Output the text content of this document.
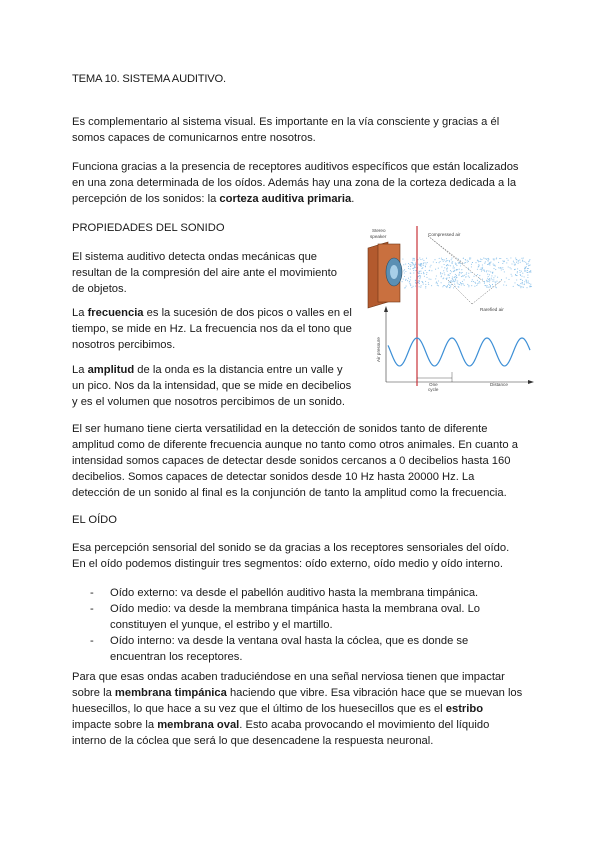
TEMA 10. SISTEMA AUDITIVO.
Es complementario al sistema visual. Es importante en la vía consciente y gracias a él somos capaces de comunicarnos entre nosotros.
Funciona gracias a la presencia de receptores auditivos específicos que están localizados en una zona determinada de los oídos. Además hay una zona de la corteza dedicada a la percepción de los sonidos: la corteza auditiva primaria.
PROPIEDADES DEL SONIDO
El sistema auditivo detecta ondas mecánicas que resultan de la compresión del aire ante el movimiento de objetos.
La frecuencia es la sucesión de dos picos o valles en el tiempo, se mide en Hz. La frecuencia nos da el tono que nosotros percibimos.
La amplitud de la onda es la distancia entre un valle y un pico. Nos da la intensidad, que se mide en decibelios y es el volumen que nosotros percibimos de un sonido.
Stereo
speaker	Compressed air
Rarefied air
Air pressure
One
cycle
Distance
El ser humano tiene cierta versatilidad en la detección de sonidos tanto de diferente amplitud como de diferente frecuencia aunque no tanto como otros animales. En cuanto a intensidad somos capaces de detectar desde sonidos cercanos a 0 decibelios hasta 160 decibelios. Somos capaces de detectar sonidos desde 10 Hz hasta 20000 Hz. La detección de un sonido al final es la conjunción de tanto la amplitud como la frecuencia.
EL OÍDO
Esa percepción sensorial del sonido se da gracias a los receptores sensoriales del oído. En el oído podemos distinguir tres segmentos: oído externo, oído medio y oído interno.
- Oído externo: va desde el pabellón auditivo hasta la membrana timpánica.
- Oído medio: va desde la membrana timpánica hasta la membrana oval. Lo constituyen el yunque, el estribo y el martillo.
- Oído interno: va desde la ventana oval hasta la cóclea, que es donde se encuentran los receptores.
Para que esas ondas acaben traduciéndose en una señal nerviosa tienen que impactar sobre la membrana timpánica haciendo que vibre. Esa vibración hace que se muevan los huesecillos, lo que hace a su vez que el último de los huesecillos que es el estribo impacte sobre la membrana oval. Esto acaba provocando el movimiento del líquido interno de la cóclea que será lo que desencadene la respuesta neuronal.
